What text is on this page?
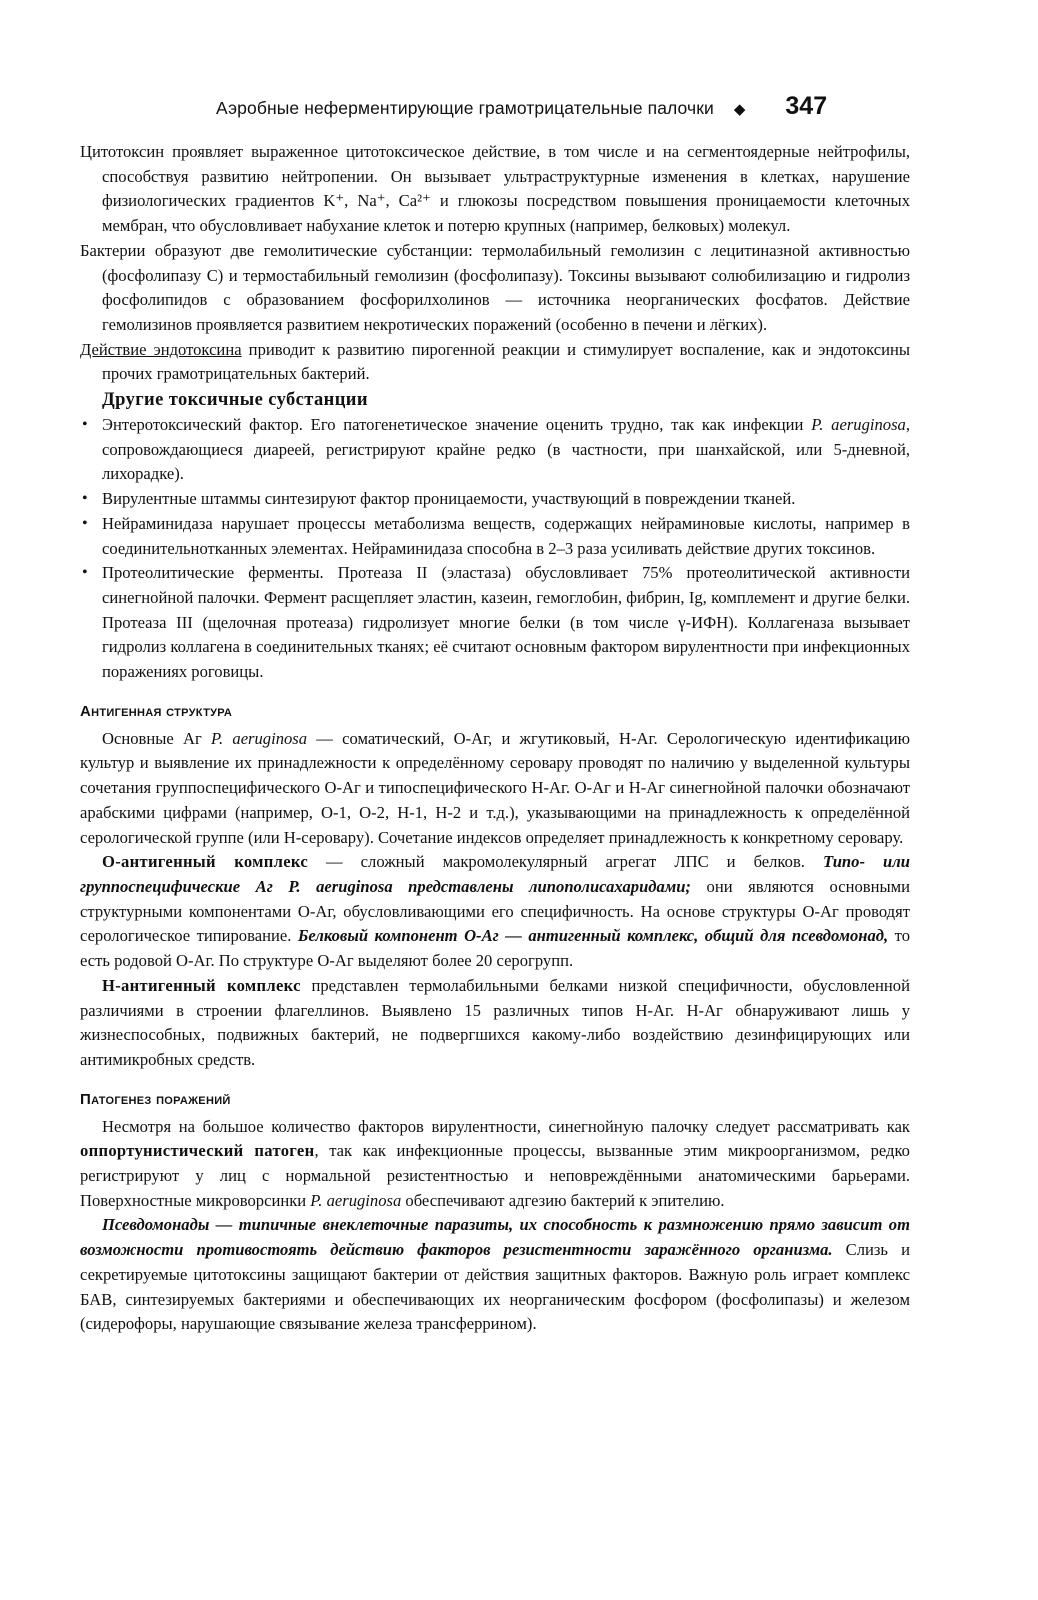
Аэробные неферментирующие грамотрицательные палочки ◆ 347

Цитотоксин проявляет выраженное цитотоксическое действие, в том числе и на сегментоядерные нейтрофилы, способствуя развитию нейтропении. Он вызывает ультраструктурные изменения в клетках, нарушение физиологических градиентов K⁺, Na⁺, Ca²⁺ и глюкозы посредством повышения проницаемости клеточных мембран, что обусловливает набухание клеток и потерю крупных (например, белковых) молекул.

Бактерии образуют две гемолитические субстанции: термолабильный гемолизин с лецитиназной активностью (фосфолипазу С) и термостабильный гемолизин (фосфолипазу). Токсины вызывают солюбилизацию и гидролиз фосфолипидов с образованием фосфорилхолинов — источника неорганических фосфатов. Действие гемолизинов проявляется развитием некротических поражений (особенно в печени и лёгких).

Действие эндотоксина приводит к развитию пирогенной реакции и стимулирует воспаление, как и эндотоксины прочих грамотрицательных бактерий.

Другие токсичные субстанции
• Энтеротоксический фактор. Его патогенетическое значение оценить трудно, так как инфекции P. aeruginosa, сопровождающиеся диареей, регистрируют крайне редко (в частности, при шанхайской, или 5-дневной, лихорадке).
• Вирулентные штаммы синтезируют фактор проницаемости, участвующий в повреждении тканей.
• Нейраминидаза нарушает процессы метаболизма веществ, содержащих нейраминовые кислоты, например в соединительнотканных элементах. Нейраминидаза способна в 2–3 раза усиливать действие других токсинов.
• Протеолитические ферменты. Протеаза II (эластаза) обусловливает 75% протеолитической активности синегнойной палочки. Фермент расщепляет эластин, казеин, гемоглобин, фибрин, Ig, комплемент и другие белки. Протеаза III (щелочная протеаза) гидролизует многие белки (в том числе γ-ИФН). Коллагеназа вызывает гидролиз коллагена в соединительных тканях; её считают основным фактором вирулентности при инфекционных поражениях роговицы.
Антигенная структура

Основные Аг P. aeruginosa — соматический, О-Аг, и жгутиковый, Н-Аг. Серологическую идентификацию культур и выявление их принадлежности к определённому серовару проводят по наличию у выделенной культуры сочетания группоспецифического О-Аг и типоспецифического Н-Аг. О-Аг и Н-Аг синегнойной палочки обозначают арабскими цифрами (например, О-1, О-2, Н-1, Н-2 и т.д.), указывающими на принадлежность к определённой серологической группе (или Н-серовару). Сочетание индексов определяет принадлежность к конкретному серовару.

О-антигенный комплекс — сложный макромолекулярный агрегат ЛПС и белков. Типо- или группоспецифические Аг P. aeruginosa представлены липополисахаридами; они являются основными структурными компонентами О-Аг, обусловливающими его специфичность. На основе структуры О-Аг проводят серологическое типирование. Белковый компонент О-Аг — антигенный комплекс, общий для псевдомонад, то есть родовой О-Аг. По структуре О-Аг выделяют более 20 серогрупп.

Н-антигенный комплекс представлен термолабильными белками низкой специфичности, обусловленной различиями в строении флагеллинов. Выявлено 15 различных типов Н-Аг. Н-Аг обнаруживают лишь у жизнеспособных, подвижных бактерий, не подвергшихся какому-либо воздействию дезинфицирующих или антимикробных средств.

Патогенез поражений

Несмотря на большое количество факторов вирулентности, синегнойную палочку следует рассматривать как оппортунистический патоген, так как инфекционные процессы, вызванные этим микроорганизмом, редко регистрируют у лиц с нормальной резистентностью и неповреждёнными анатомическими барьерами. Поверхностные микроворсинки P. aeruginosa обеспечивают адгезию бактерий к эпителию.

Псевдомонады — типичные внеклеточные паразиты, их способность к размножению прямо зависит от возможности противостоять действию факторов резистентности заражённого организма. Слизь и секретируемые цитотоксины защищают бактерии от действия защитных факторов. Важную роль играет комплекс БАВ, синтезируемых бактериями и обеспечивающих их неорганическим фосфором (фосфолипазы) и железом (сидерофоры, нарушающие связывание железа трансферрином).
